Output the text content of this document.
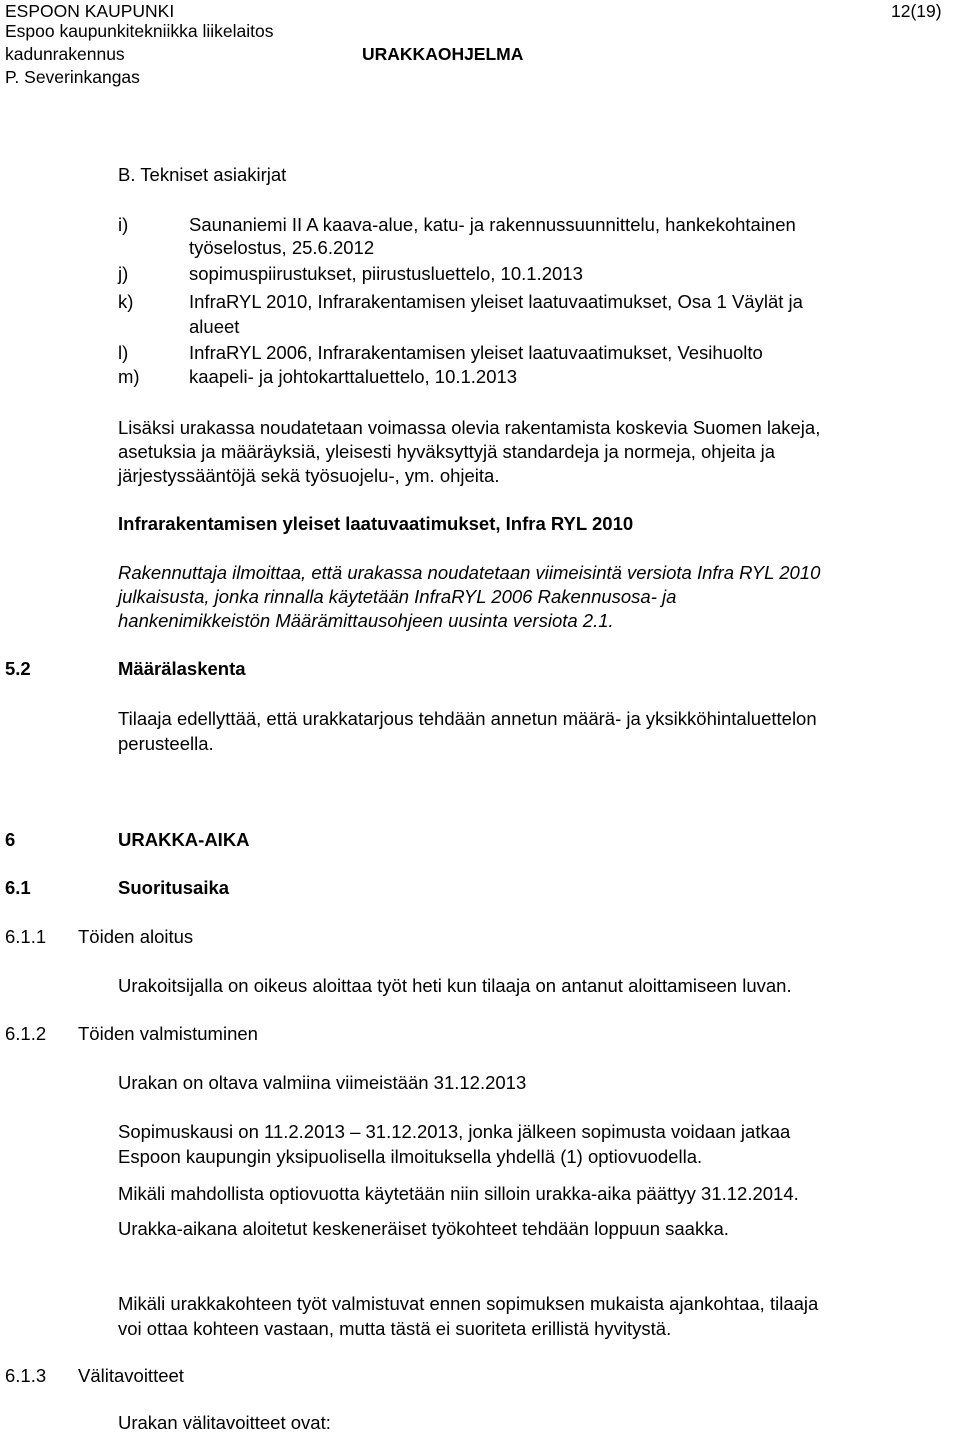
ESPOON KAUPUNKI	12(19)
Espoo kaupunkitekniikka liikelaitos
kadunrakennus	URAKKAOHJELMA
P. Severinkangas
B. Tekniset asiakirjat
i)	Saunaniemi II A kaava-alue, katu- ja rakennussuunnittelu, hankekohtainen
työselostus, 25.6.2012
j)	sopimuspiirustukset, piirustusluettelo, 10.1.2013
k)	InfraRYL 2010, Infrarakentamisen yleiset laatuvaatimukset, Osa 1 Väylät ja
alueet
l)	InfraRYL 2006, Infrarakentamisen yleiset laatuvaatimukset, Vesihuolto
m)	kaapeli- ja johtokarttaluettelo, 10.1.2013
Lisäksi urakassa noudatetaan voimassa olevia rakentamista koskevia Suomen lakeja,
asetuksia ja määräyksiä, yleisesti hyväksyttyjä standardeja ja normeja, ohjeita ja
järjestyssääntöjä sekä työsuojelu-, ym. ohjeita.
Infrarakentamisen yleiset laatuvaatimukset, Infra RYL 2010
Rakennuttaja ilmoittaa, että urakassa noudatetaan viimeisintä versiota Infra RYL 2010
julkaisusta, jonka rinnalla käytetään InfraRYL 2006 Rakennusosa- ja
hankenimikkeistön Määrämittausohjeen uusinta versiota 2.1.
5.2	Määrälaskenta
Tilaaja edellyttää, että urakkatarjous tehdään annetun määrä- ja yksikköhintaluettelon
perusteella.
6	URAKKA-AIKA
6.1	Suoritusaika
6.1.1 Töiden aloitus
Urakoitsijalla on oikeus aloittaa työt heti kun tilaaja on antanut aloittamiseen luvan.
6.1.2 Töiden valmistuminen
Urakan on oltava valmiina viimeistään 31.12.2013
Sopimuskausi on 11.2.2013 – 31.12.2013, jonka jälkeen sopimusta voidaan jatkaa
Espoon kaupungin yksipuolisella ilmoituksella yhdellä (1) optiovuodella.
Mikäli mahdollista optiovuotta käytetään niin silloin urakka-aika päättyy 31.12.2014.
Urakka-aikana aloitetut keskeneräiset työkohteet tehdään loppuun saakka.
Mikäli urakkakohteen työt valmistuvat ennen sopimuksen mukaista ajankohtaa, tilaaja
voi ottaa kohteen vastaan, mutta tästä ei suoriteta erillistä hyvitystä.
6.1.3 Välitavoitteet
Urakan välitavoitteet ovat:
